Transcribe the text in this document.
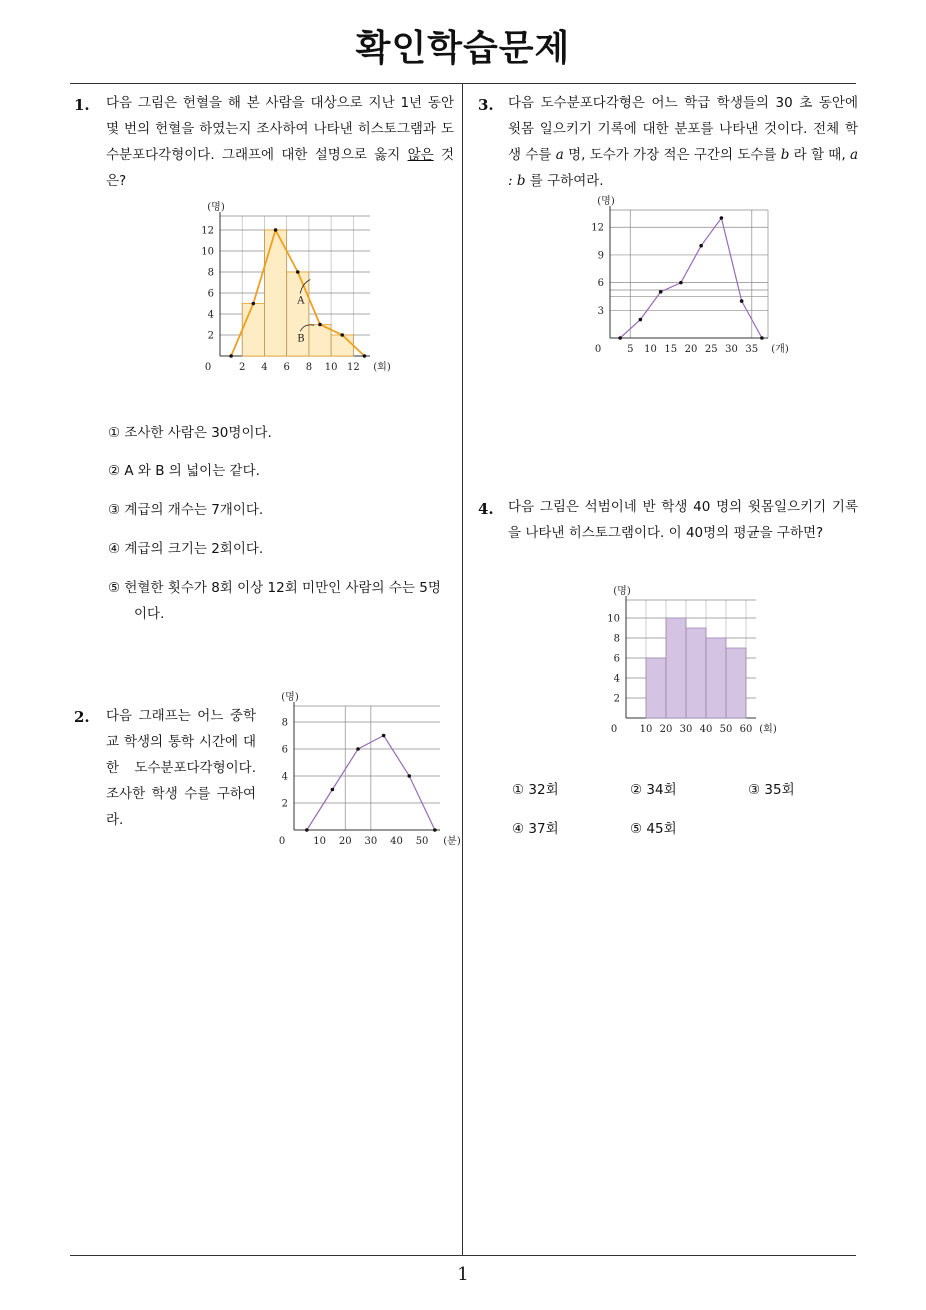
확인학습문제
1
1. 다음 그림은 헌혈을 해 본 사람을 대상으로 지난 1년 동안 몇 번의 헌혈을 하였는지 조사하여 나타낸 히스토그램과 도수분포다각형이다. 그래프에 대한 설명으로 옳지 않은 것은?
2
4
6
8
10
12
2 4 6 8 10 12
0
(명)
(회)
A
B
① 조사한 사람은 30명이다.
② A 와 B 의 넓이는 같다.
③ 계급의 개수는 7개이다.
④ 계급의 크기는 2회이다.
⑤ 헌혈한 횟수가 8회 이상 12회 미만인 사람의 수는 5명이다.
2. 다음 그래프는 어느 중학교 학생의 통학 시간에 대한 도수분포다각형이다. 조사한 학생 수를 구하여라.
2
4
6
8
10 20 30 40 50
0
(명)
(분)
3. 다음 도수분포다각형은 어느 학급 학생들의 30 초 동안에 윗몸 일으키기 기록에 대한 분포를 나타낸 것이다. 전체 학생 수를 a 명, 도수가 가장 적은 구간의 도수를 b 라 할 때, a : b 를 구하여라.
3
6
9
12
5 10 15 20 25 30 35
0
(명)
(개)
4. 다음 그림은 석범이네 반 학생 40 명의 윗몸일으키기 기록을 나타낸 히스토그램이다. 이 40명의 평균을 구하면?
2
4
6
8
10
10 20 30 40 50 60
0
(명)
(회)
① 32회	② 34회	③ 35회
④ 37회	⑤ 45회
